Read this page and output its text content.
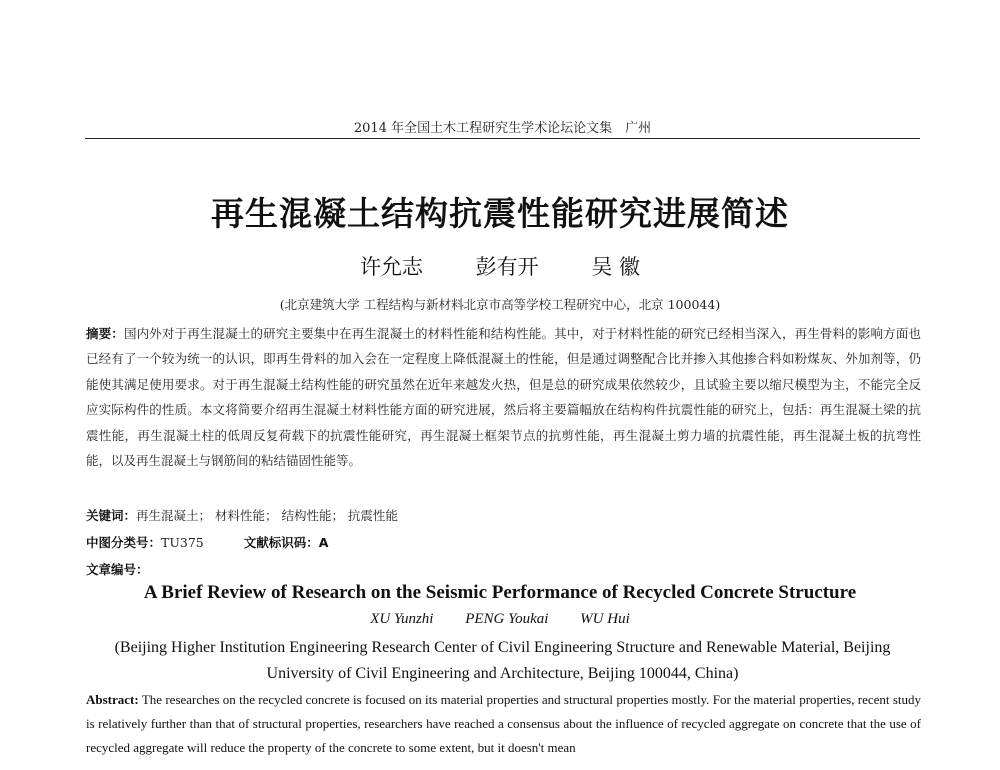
2014 年全国土木工程研究生学术论坛论文集　广州
再生混凝土结构抗震性能研究进展简述
许允志	彭有开	吴 徽
(北京建筑大学 工程结构与新材料北京市高等学校工程研究中心，北京 100044)

摘要：国内外对于再生混凝土的研究主要集中在再生混凝土的材料性能和结构性能。其中，对于材料性能的研究已经相当深入，再生骨料的影响方面也已经有了一个较为统一的认识，即再生骨料的加入会在一定程度上降低混凝土的性能，但是通过调整配合比并掺入其他掺合料如粉煤灰、外加剂等，仍能使其满足使用要求。对于再生混凝土结构性能的研究虽然在近年来越发火热，但是总的研究成果依然较少，且试验主要以缩尺模型为主，不能完全反应实际构件的性质。本文将简要介绍再生混凝土材料性能方面的研究进展，然后将主要篇幅放在结构构件抗震性能的研究上，包括：再生混凝土梁的抗震性能，再生混凝土柱的低周反复荷载下的抗震性能研究，再生混凝土框架节点的抗剪性能，再生混凝土剪力墙的抗震性能，再生混凝土板的抗弯性能，以及再生混凝土与钢筋间的粘结锚固性能等。

关键词：再生混凝土； 材料性能； 结构性能； 抗震性能
中图分类号：TU375	文献标识码：A
文章编号：
A Brief Review of Research on the Seismic Performance of Recycled Concrete Structure
XU Yunzhi PENG Youkai WU Hui

(Beijing Higher Institution Engineering Research Center of Civil Engineering Structure and Renewable Material, Beijing University of Civil Engineering and Architecture, Beijing 100044, China)

Abstract: The researches on the recycled concrete is focused on its material properties and structural properties mostly. For the material properties, recent study is relatively further than that of structural properties, researchers have reached a consensus about the influence of recycled aggregate on concrete that the use of recycled aggregate will reduce the property of the concrete to some extent, but it doesn't mean
